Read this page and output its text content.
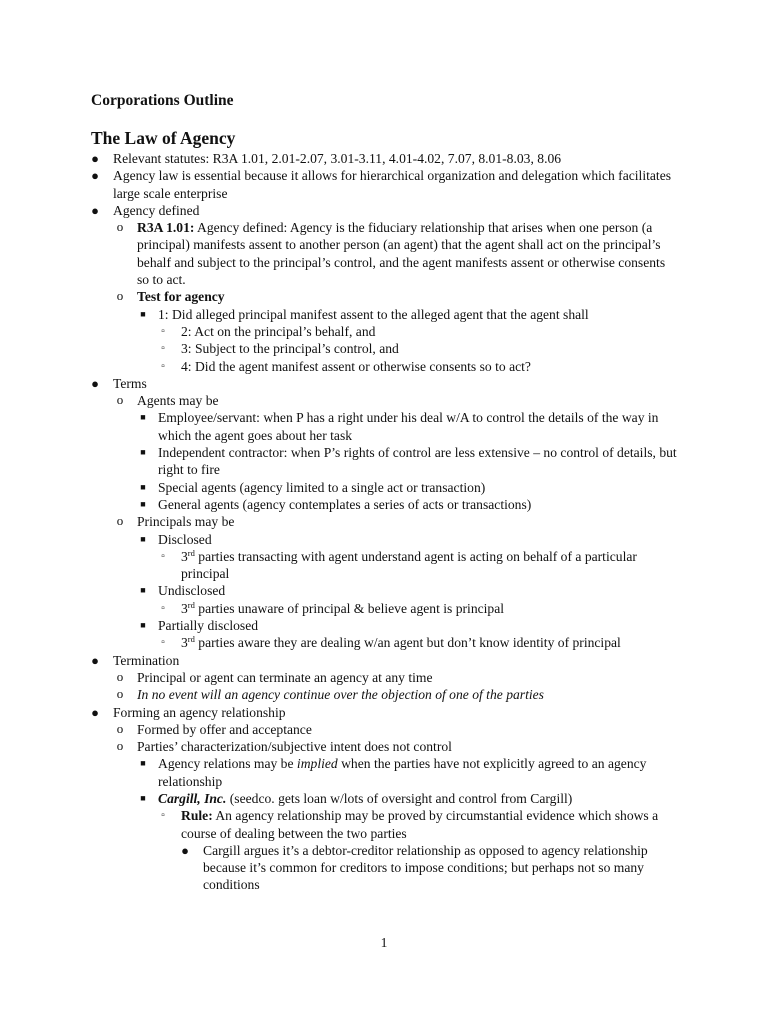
Corporations Outline
The Law of Agency
● Relevant statutes: R3A 1.01, 2.01-2.07, 3.01-3.11, 4.01-4.02, 7.07, 8.01-8.03, 8.06
● Agency law is essential because it allows for hierarchical organization and delegation which facilitates large scale enterprise
● Agency defined
o R3A 1.01: Agency defined: Agency is the fiduciary relationship that arises when one person (a principal) manifests assent to another person (an agent) that the agent shall act on the principal’s behalf and subject to the principal’s control, and the agent manifests assent or otherwise consents so to act.
o Test for agency
■ 1: Did alleged principal manifest assent to the alleged agent that the agent shall
▫ 2: Act on the principal’s behalf, and
▫ 3: Subject to the principal’s control, and
▫ 4: Did the agent manifest assent or otherwise consents so to act?
● Terms
o Agents may be
■ Employee/servant: when P has a right under his deal w/A to control the details of the way in which the agent goes about her task
■ Independent contractor: when P’s rights of control are less extensive – no control of details, but right to fire
■ Special agents (agency limited to a single act or transaction)
■ General agents (agency contemplates a series of acts or transactions)
o Principals may be
■ Disclosed
▫ 3rd parties transacting with agent understand agent is acting on behalf of a particular principal
■ Undisclosed
▫ 3rd parties unaware of principal & believe agent is principal
■ Partially disclosed
▫ 3rd parties aware they are dealing w/an agent but don’t know identity of principal
● Termination
o Principal or agent can terminate an agency at any time
o In no event will an agency continue over the objection of one of the parties
● Forming an agency relationship
o Formed by offer and acceptance
o Parties’ characterization/subjective intent does not control
■ Agency relations may be implied when the parties have not explicitly agreed to an agency relationship
■ Cargill, Inc. (seedco. gets loan w/lots of oversight and control from Cargill)
▫ Rule: An agency relationship may be proved by circumstantial evidence which shows a course of dealing between the two parties
● Cargill argues it’s a debtor-creditor relationship as opposed to agency relationship because it’s common for creditors to impose conditions; but perhaps not so many conditions
1
